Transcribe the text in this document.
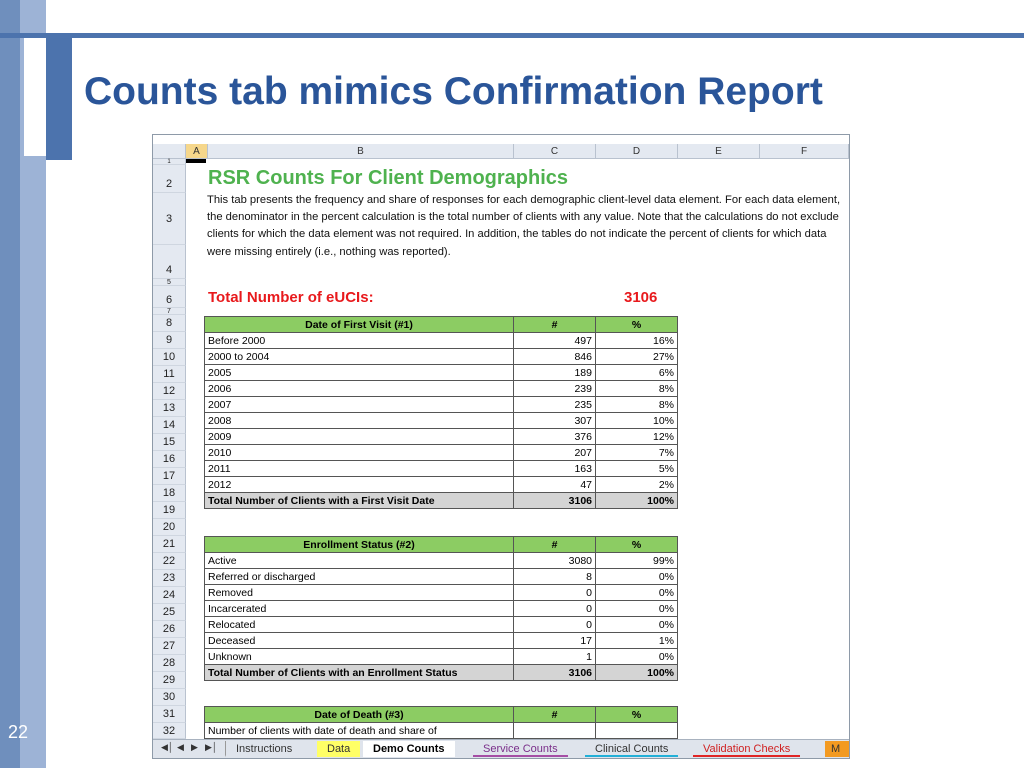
Counts tab mimics Confirmation Report
22
A	B	C	D	E	F
1
2
3
4
5
6
7
8
9
10
11
12
13
14
15
16
17
18
19
20
21
22
23
24
25
26
27
28
29
30
31
32
RSR Counts For Client Demographics
This tab presents the frequency and share of responses for each demographic client-level data element. For each data element, the denominator in the percent calculation is the total number of clients with any value. Note that the calculations do not exclude clients for which the data element was not required. In addition, the tables do not indicate the percent of clients for which data were missing entirely (i.e., nothing was reported).
Total Number of eUCIs:	3106
Date of First Visit (#1)	#	%
Before 2000	497	16%
2000 to 2004	846	27%
2005	189	6%
2006	239	8%
2007	235	8%
2008	307	10%
2009	376	12%
2010	207	7%
2011	163	5%
2012	47	2%
Total Number of Clients with a First Visit Date	3106	100%
Enrollment Status (#2)	#	%
Active	3080	99%
Referred or discharged	8	0%
Removed	0	0%
Incarcerated	0	0%
Relocated	0	0%
Deceased	17	1%
Unknown	1	0%
Total Number of Clients with an Enrollment Status	3106	100%
Date of Death (#3)	#	%
Number of clients with date of death and share of		
◀│ ◀ ▶ ▶│	Instructions	Data	Demo Counts	Service Counts	Clinical Counts	Validation Checks	M
